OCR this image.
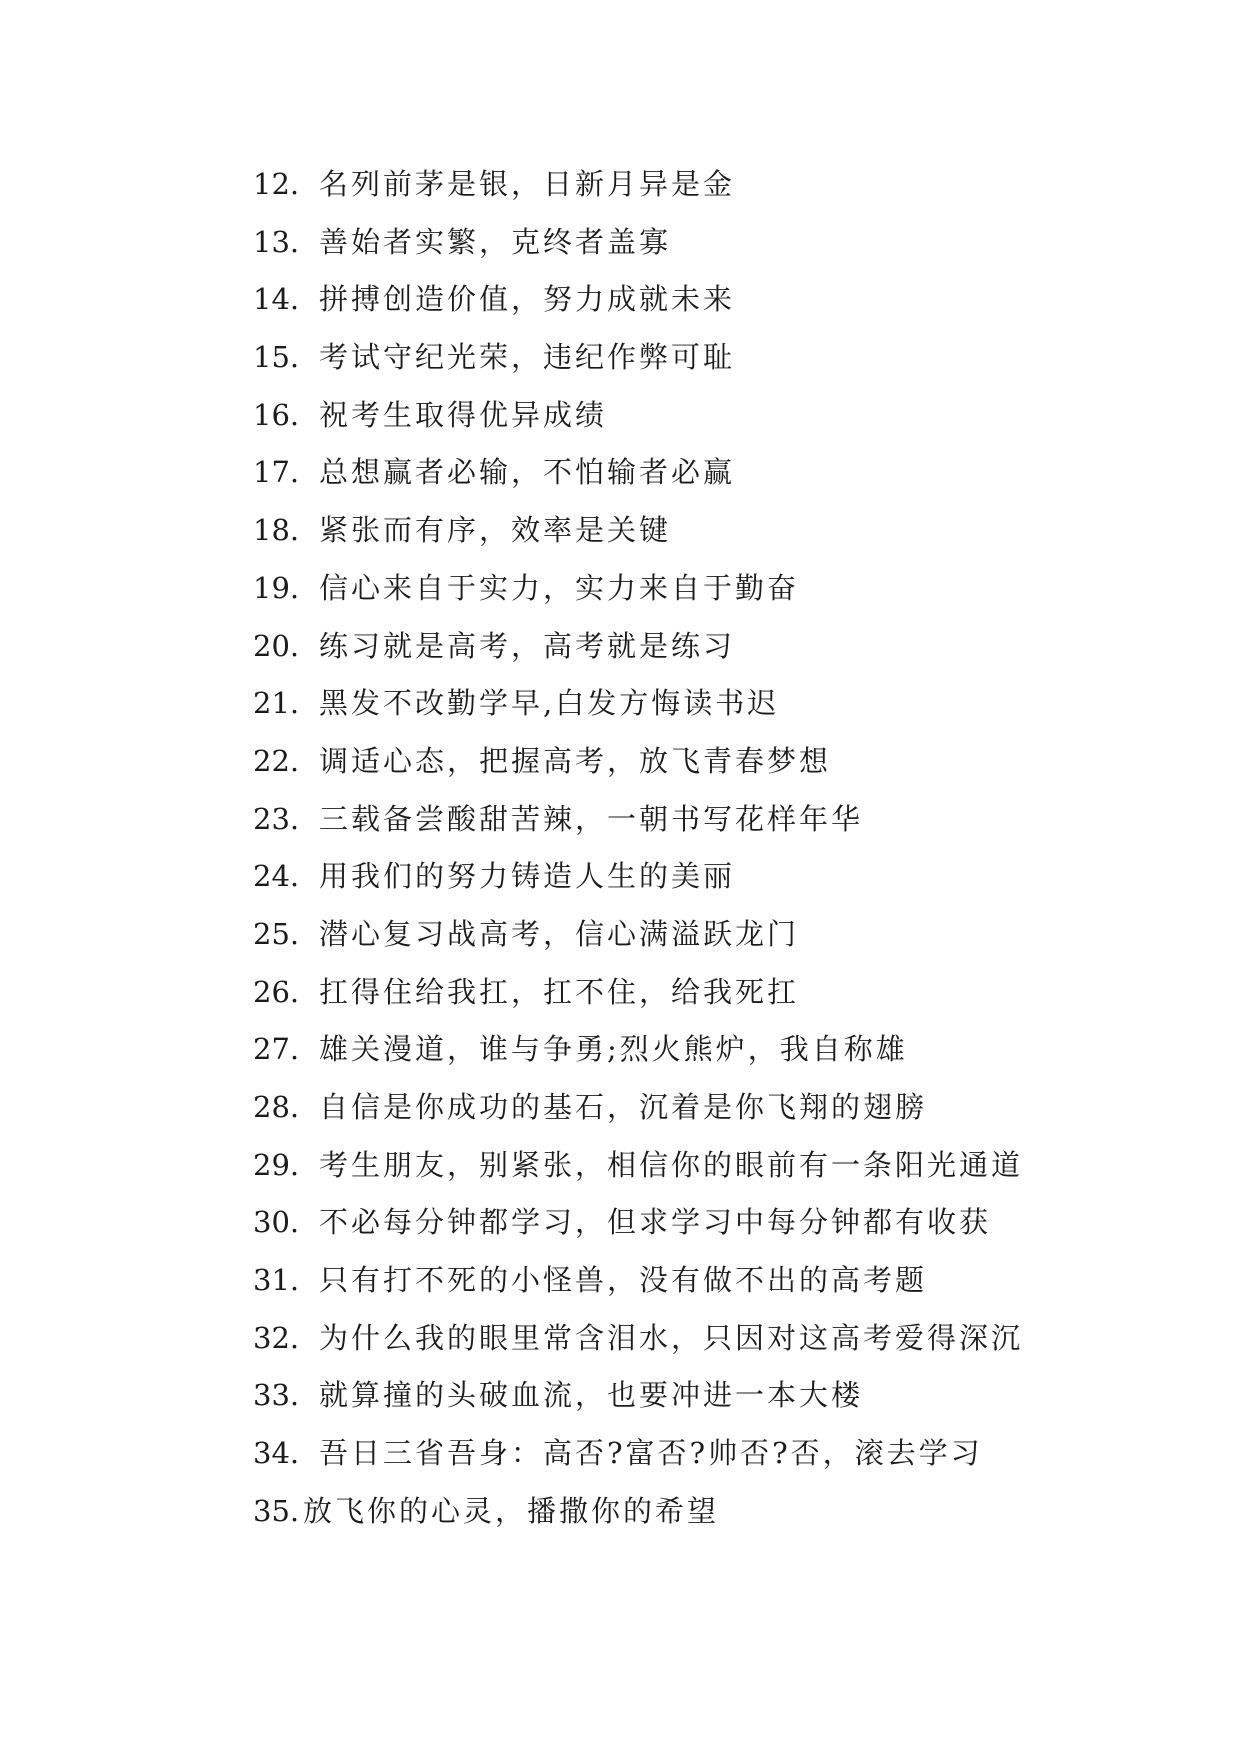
12. 名列前茅是银，日新月异是金
13. 善始者实繁，克终者盖寡
14. 拼搏创造价值，努力成就未来
15. 考试守纪光荣，违纪作弊可耻
16. 祝考生取得优异成绩
17. 总想赢者必输，不怕输者必赢
18. 紧张而有序，效率是关键
19. 信心来自于实力，实力来自于勤奋
20. 练习就是高考，高考就是练习
21. 黑发不改勤学早,白发方悔读书迟
22. 调适心态，把握高考，放飞青春梦想
23. 三载备尝酸甜苦辣，一朝书写花样年华
24. 用我们的努力铸造人生的美丽
25. 潜心复习战高考，信心满溢跃龙门
26. 扛得住给我扛，扛不住，给我死扛
27. 雄关漫道，谁与争勇;烈火熊炉，我自称雄
28. 自信是你成功的基石，沉着是你飞翔的翅膀
29. 考生朋友，别紧张，相信你的眼前有一条阳光通道
30. 不必每分钟都学习，但求学习中每分钟都有收获
31. 只有打不死的小怪兽，没有做不出的高考题
32. 为什么我的眼里常含泪水，只因对这高考爱得深沉
33. 就算撞的头破血流，也要冲进一本大楼
34. 吾日三省吾身：高否?富否?帅否?否，滚去学习
35. 放飞你的心灵，播撒你的希望
